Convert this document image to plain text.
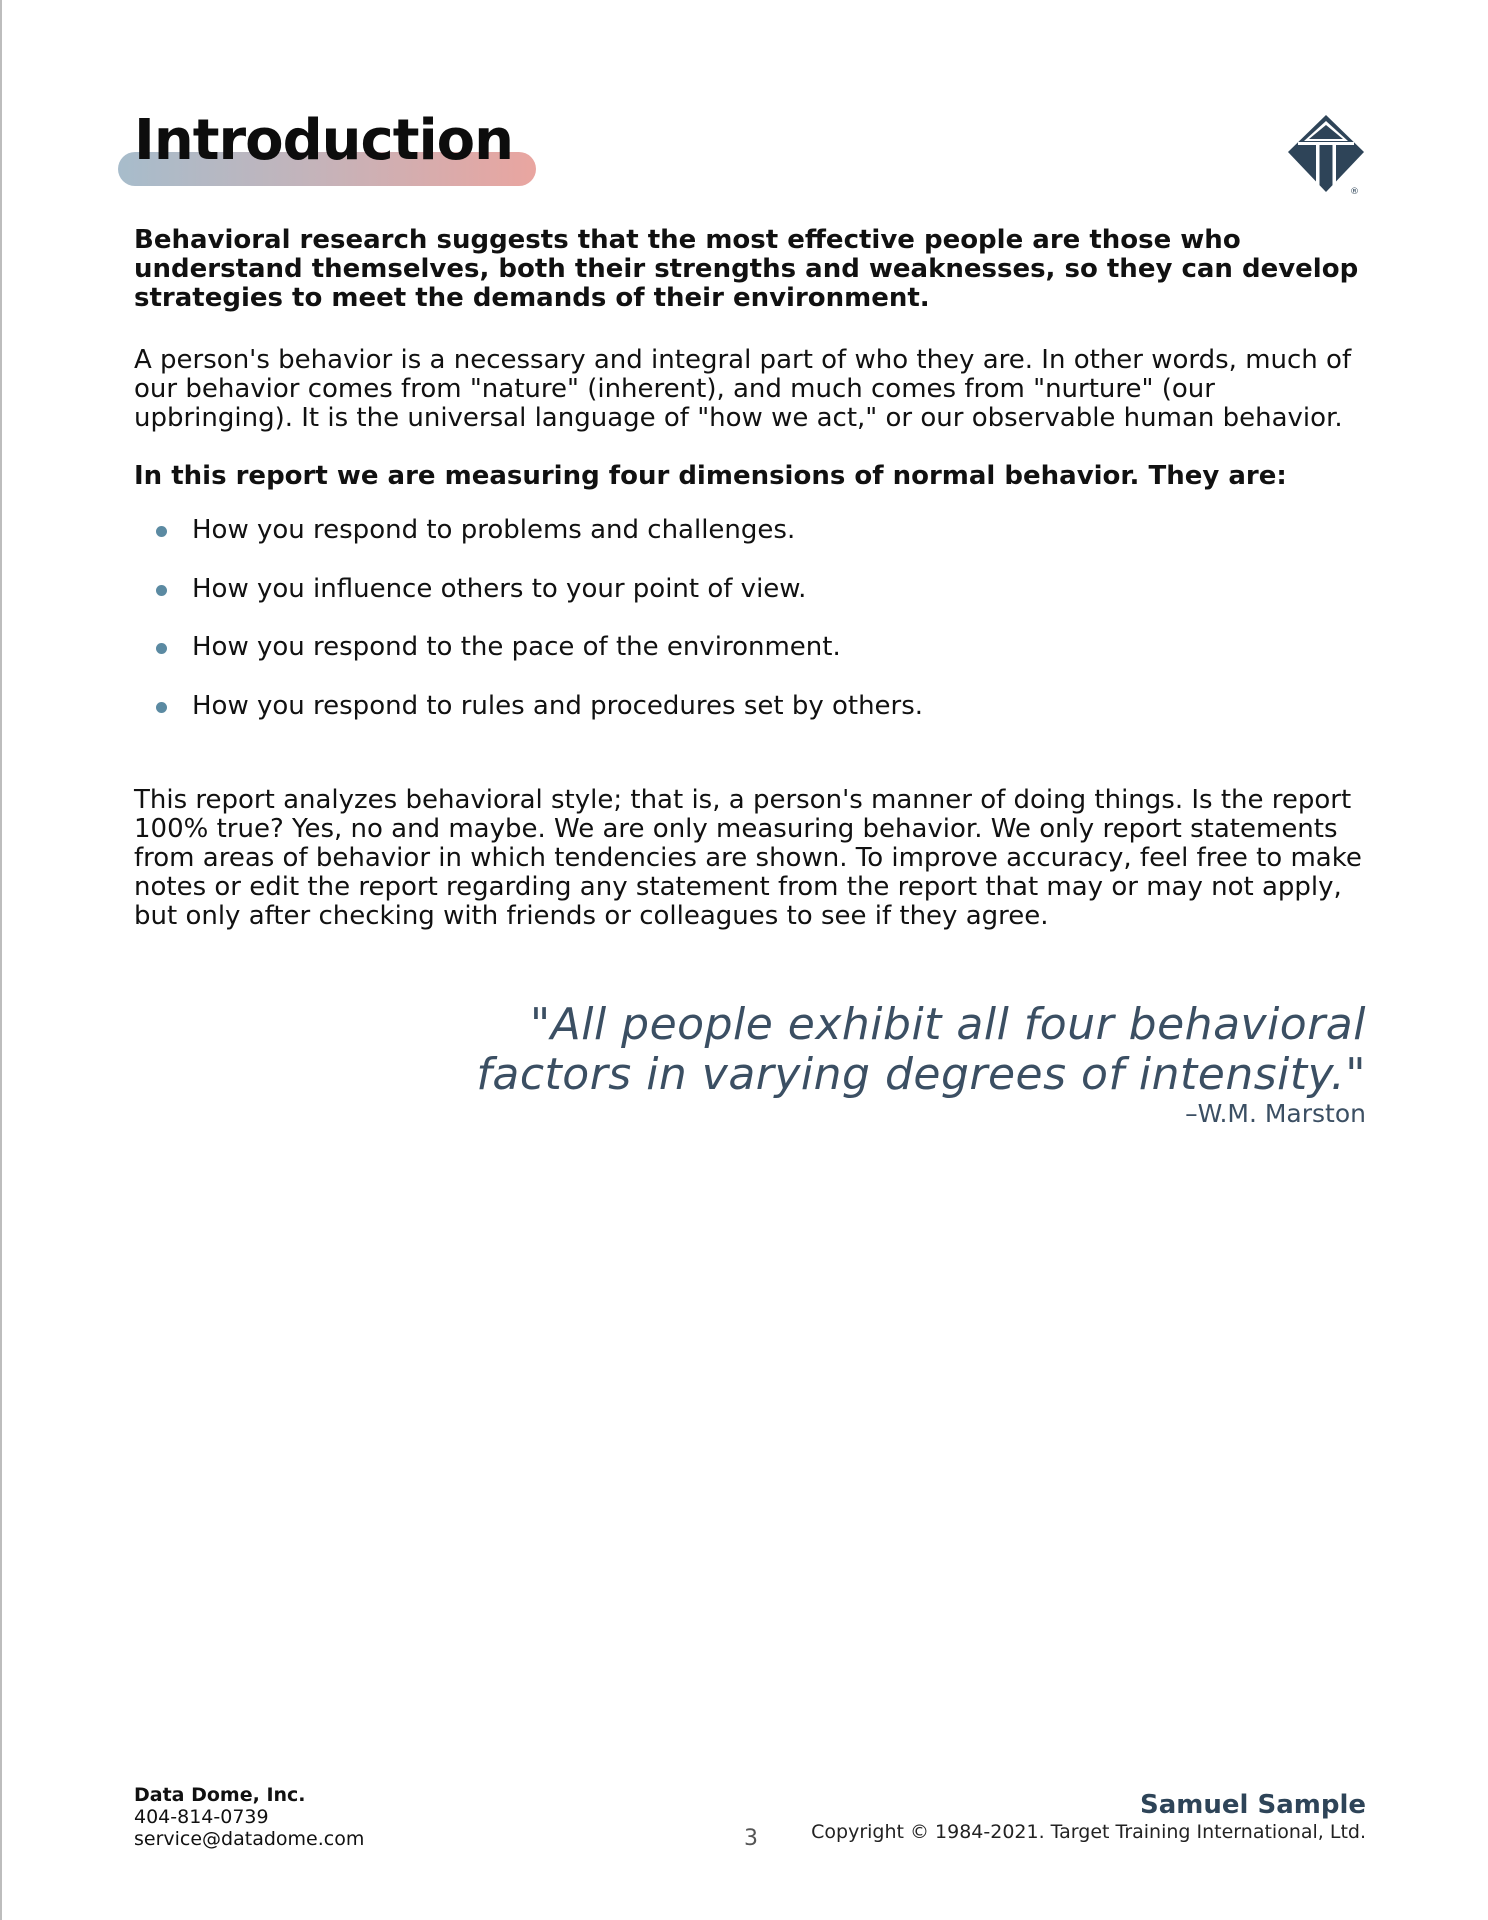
Introduction
®

Behavioral research suggests that the most effective people are those who understand themselves, both their strengths and weaknesses, so they can develop strategies to meet the demands of their environment.

A person's behavior is a necessary and integral part of who they are. In other words, much of our behavior comes from "nature" (inherent), and much comes from "nurture" (our upbringing). It is the universal language of "how we act," or our observable human behavior.

In this report we are measuring four dimensions of normal behavior. They are:

How you respond to problems and challenges.
How you influence others to your point of view.
How you respond to the pace of the environment.
How you respond to rules and procedures set by others.

This report analyzes behavioral style; that is, a person's manner of doing things. Is the report 100% true? Yes, no and maybe. We are only measuring behavior. We only report statements from areas of behavior in which tendencies are shown. To improve accuracy, feel free to make notes or edit the report regarding any statement from the report that may or may not apply, but only after checking with friends or colleagues to see if they agree.

"All people exhibit all four behavioral

factors in varying degrees of intensity."

–W.M. Marston

Data Dome, Inc.
404-814-0739
service@datadome.com	3
Samuel Sample
Copyright © 1984-2021. Target Training International, Ltd.
